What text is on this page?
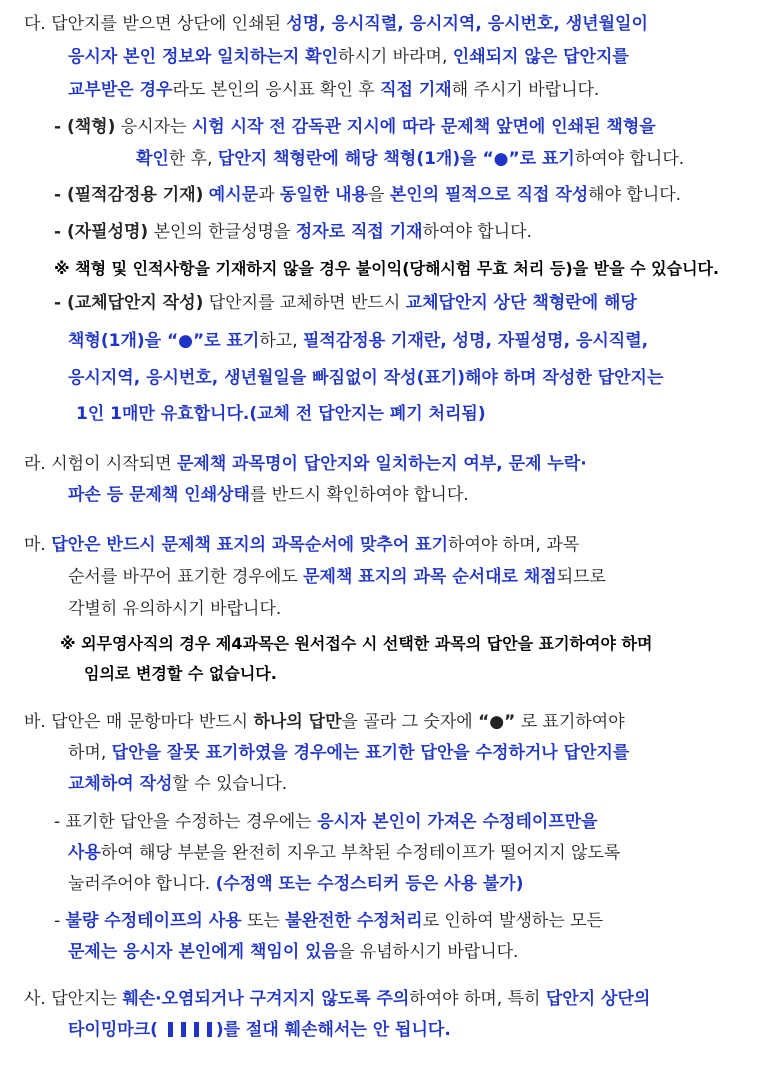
다. 답안지를 받으면 상단에 인쇄된 성명, 응시직렬, 응시지역, 응시번호, 생년월일이
응시자 본인 정보와 일치하는지 확인하시기 바라며, 인쇄되지 않은 답안지를
교부받은 경우라도 본인의 응시표 확인 후 직접 기재해 주시기 바랍니다.
- (책형) 응시자는 시험 시작 전 감독관 지시에 따라 문제책 앞면에 인쇄된 책형을
확인한 후, 답안지 책형란에 해당 책형(1개)을 “●”로 표기하여야 합니다.
- (필적감정용 기재) 예시문과 동일한 내용을 본인의 필적으로 직접 작성해야 합니다.
- (자필성명) 본인의 한글성명을 정자로 직접 기재하여야 합니다.
※ 책형 및 인적사항을 기재하지 않을 경우 불이익(당해시험 무효 처리 등)을 받을 수 있습니다.
- (교체답안지 작성) 답안지를 교체하면 반드시 교체답안지 상단 책형란에 해당
책형(1개)을 “●”로 표기하고, 필적감정용 기재란, 성명, 자필성명, 응시직렬,
응시지역, 응시번호, 생년월일을 빠짐없이 작성(표기)해야 하며 작성한 답안지는
1인 1매만 유효합니다.(교체 전 답안지는 폐기 처리됨)
라. 시험이 시작되면 문제책 과목명이 답안지와 일치하는지 여부, 문제 누락·
파손 등 문제책 인쇄상태를 반드시 확인하여야 합니다.
마. 답안은 반드시 문제책 표지의 과목순서에 맞추어 표기하여야 하며, 과목
순서를 바꾸어 표기한 경우에도 문제책 표지의 과목 순서대로 채점되므로
각별히 유의하시기 바랍니다.
※ 외무영사직의 경우 제4과목은 원서접수 시 선택한 과목의 답안을 표기하여야 하며
임의로 변경할 수 없습니다.
바. 답안은 매 문항마다 반드시 하나의 답만을 골라 그 숫자에 “●” 로 표기하여야
하며, 답안을 잘못 표기하였을 경우에는 표기한 답안을 수정하거나 답안지를
교체하여 작성할 수 있습니다.
- 표기한 답안을 수정하는 경우에는 응시자 본인이 가져온 수정테이프만을
사용하여 해당 부분을 완전히 지우고 부착된 수정테이프가 떨어지지 않도록
눌러주어야 합니다. (수정액 또는 수정스티커 등은 사용 불가)
- 불량 수정테이프의 사용 또는 불완전한 수정처리로 인하여 발생하는 모든
문제는 응시자 본인에게 책임이 있음을 유념하시기 바랍니다.
사. 답안지는 훼손·오염되거나 구겨지지 않도록 주의하여야 하며, 특히 답안지 상단의
타이밍마크(	)를 절대 훼손해서는 안 됩니다.
